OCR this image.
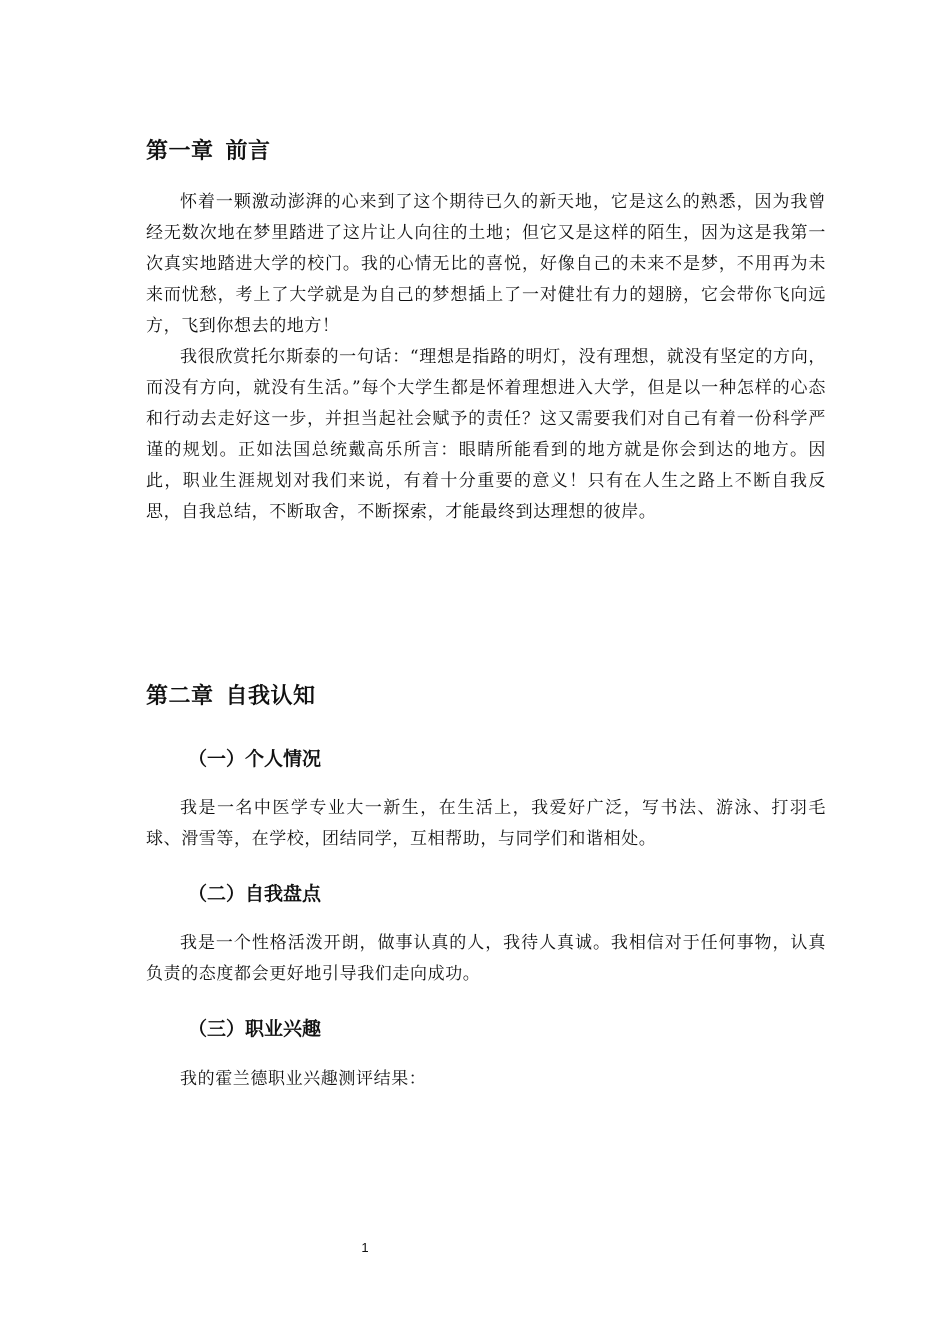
第一章 前言

怀着一颗激动澎湃的心来到了这个期待已久的新天地，它是这么的熟悉，因为我曾经无数次地在梦里踏进了这片让人向往的土地；但它又是这样的陌生，因为这是我第一次真实地踏进大学的校门。我的心情无比的喜悦，好像自己的未来不是梦，不用再为未来而忧愁，考上了大学就是为自己的梦想插上了一对健壮有力的翅膀，它会带你飞向远方，飞到你想去的地方！

我很欣赏托尔斯泰的一句话：“理想是指路的明灯，没有理想，就没有坚定的方向，而没有方向，就没有生活。”每个大学生都是怀着理想进入大学，但是以一种怎样的心态和行动去走好这一步，并担当起社会赋予的责任？这又需要我们对自己有着一份科学严谨的规划。正如法国总统戴高乐所言：眼睛所能看到的地方就是你会到达的地方。因此，职业生涯规划对我们来说，有着十分重要的意义！只有在人生之路上不断自我反思，自我总结，不断取舍，不断探索，才能最终到达理想的彼岸。

第二章 自我认知
（一）个人情况

我是一名中医学专业大一新生，在生活上，我爱好广泛，写书法、游泳、打羽毛球、滑雪等，在学校，团结同学，互相帮助，与同学们和谐相处。

（二）自我盘点

我是一个性格活泼开朗，做事认真的人，我待人真诚。我相信对于任何事物，认真负责的态度都会更好地引导我们走向成功。

（三）职业兴趣

我的霍兰德职业兴趣测评结果：

1
